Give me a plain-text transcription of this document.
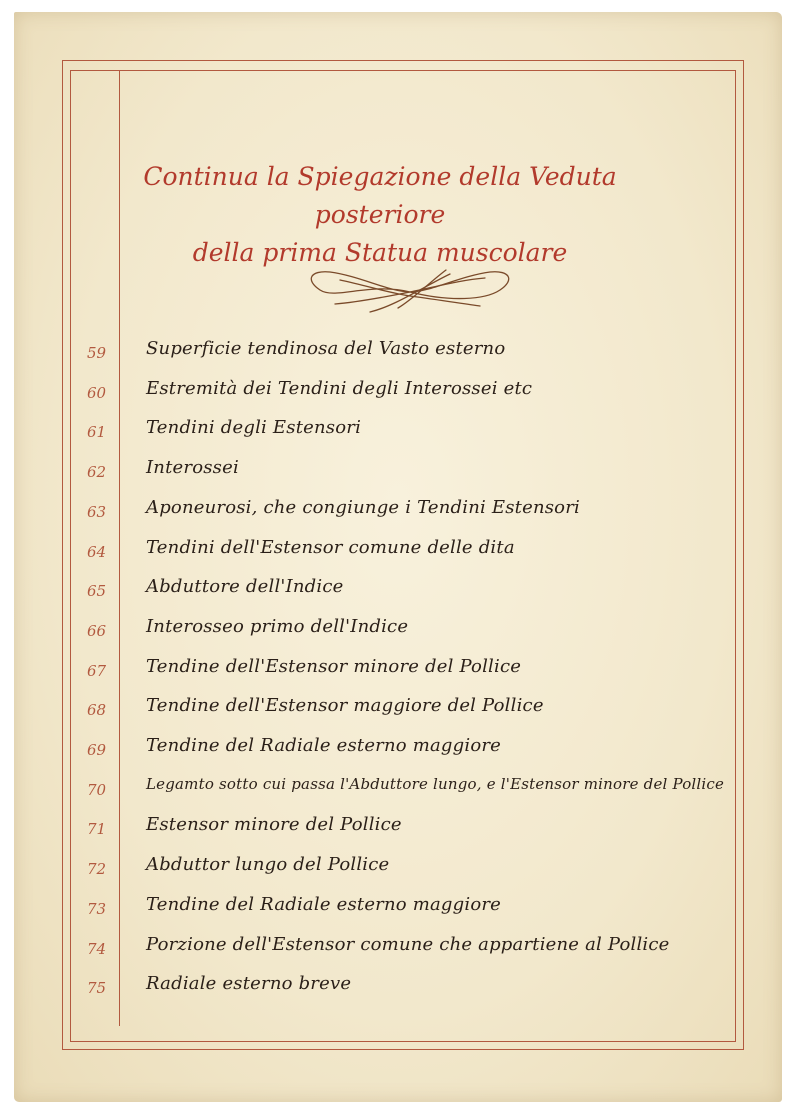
Continua la Spiegazione della Veduta posteriore
della prima Statua muscolare
59	Superficie tendinosa del Vasto esterno
60	Estremità dei Tendini degli Interossei etc
61	Tendini degli Estensori
62	Interossei
63	Aponeurosi, che congiunge i Tendini Estensori
64	Tendini dell'Estensor comune delle dita
65	Abduttore dell'Indice
66	Interosseo primo dell'Indice
67	Tendine dell'Estensor minore del Pollice
68	Tendine dell'Estensor maggiore del Pollice
69	Tendine del Radiale esterno maggiore
70	Legamto sotto cui passa l'Abduttore lungo, e l'Estensor minore del Pollice
71	Estensor minore del Pollice
72	Abduttor lungo del Pollice
73	Tendine del Radiale esterno maggiore
74	Porzione dell'Estensor comune che appartiene al Pollice
75	Radiale esterno breve
